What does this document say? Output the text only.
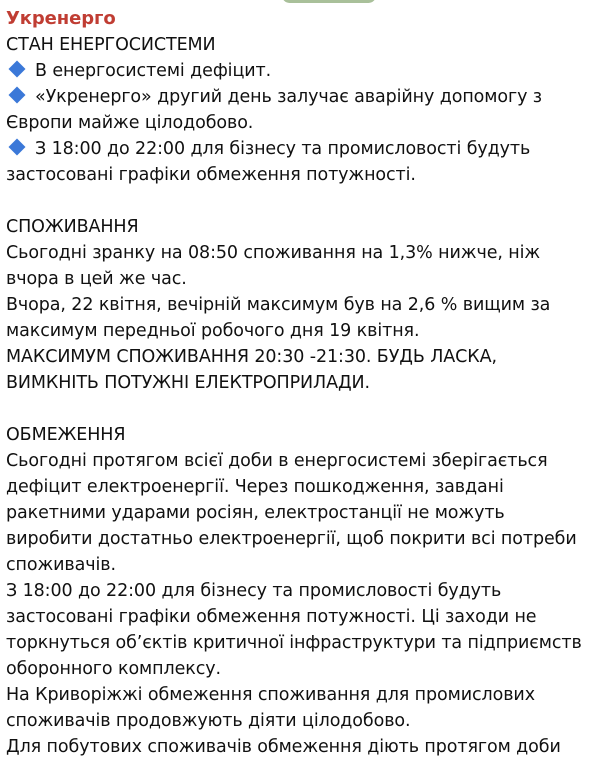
Укренерго
СТАН ЕНЕРГОСИСТЕМИ
В енергосистемі дефіцит.
«Укренерго» другий день залучає аварійну допомогу з
Європи майже цілодобово.
З 18:00 до 22:00 для бізнесу та промисловості будуть
застосовані графіки обмеження потужності.
СПОЖИВАННЯ
Сьогодні зранку на 08:50 споживання на 1,3% нижче, ніж
вчора в цей же час.
Вчора, 22 квітня, вечірній максимум був на 2,6 % вищим за
максимум передньої робочого дня 19 квітня.
МАКСИМУМ СПОЖИВАННЯ 20:30 -21:30. БУДЬ ЛАСКА,
ВИМКНІТЬ ПОТУЖНІ ЕЛЕКТРОПРИЛАДИ.
ОБМЕЖЕННЯ
Сьогодні протягом всієї доби в енергосистемі зберігається
дефіцит електроенергії. Через пошкодження, завдані
ракетними ударами росіян, електростанції не можуть
виробити достатньо електроенергії, щоб покрити всі потреби
споживачів.
З 18:00 до 22:00 для бізнесу та промисловості будуть
застосовані графіки обмеження потужності. Ці заходи не
торкнуться об’єктів критичної інфраструктури та підприємств
оборонного комплексу.
На Криворіжжі обмеження споживання для промислових
споживачів продовжують діяти цілодобово.
Для побутових споживачів обмеження діють протягом доби
